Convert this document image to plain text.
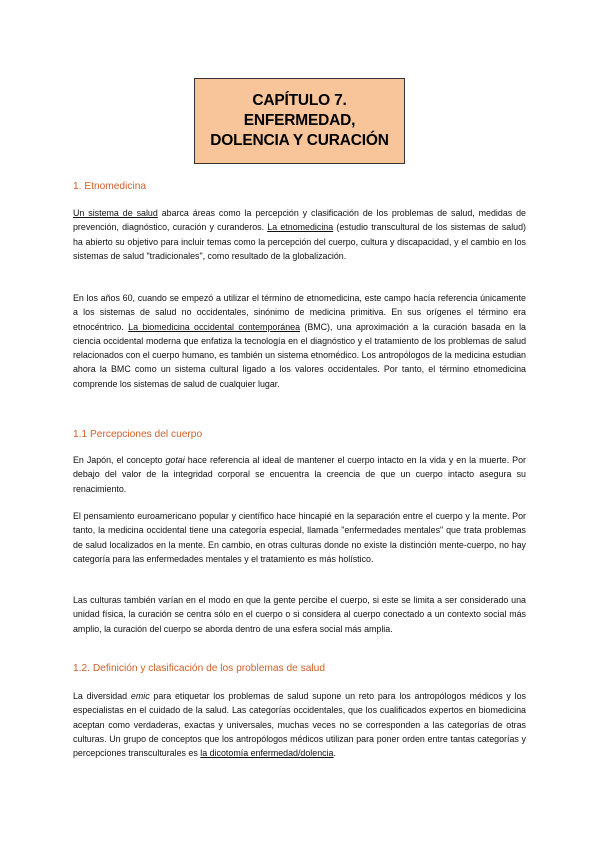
CAPÍTULO 7.
ENFERMEDAD,
DOLENCIA Y CURACIÓN
1. Etnomedicina

Un sistema de salud abarca áreas como la percepción y clasificación de los problemas de salud, medidas de prevención, diagnóstico, curación y curanderos. La etnomedicina (estudio transcultural de los sistemas de salud) ha abierto su objetivo para incluir temas como la percepción del cuerpo, cultura y discapacidad, y el cambio en los sistemas de salud "tradicionales", como resultado de la globalización.

En los años 60, cuando se empezó a utilizar el término de etnomedicina, este campo hacía referencia únicamente a los sistemas de salud no occidentales, sinónimo de medicina primitiva. En sus orígenes el término era etnocéntrico. La biomedicina occidental contemporánea (BMC), una aproximación a la curación basada en la ciencia occidental moderna que enfatiza la tecnología en el diagnóstico y el tratamiento de los problemas de salud relacionados con el cuerpo humano, es también un sistema etnomédico. Los antropólogos de la medicina estudian ahora la BMC como un sistema cultural ligado a los valores occidentales. Por tanto, el término etnomedicina comprende los sistemas de salud de cualquier lugar.

1.1 Percepciones del cuerpo

En Japón, el concepto gotai hace referencia al ideal de mantener el cuerpo intacto en la vida y en la muerte. Por debajo del valor de la integridad corporal se encuentra la creencia de que un cuerpo intacto asegura su renacimiento.

El pensamiento euroamericano popular y científico hace hincapié en la separación entre el cuerpo y la mente. Por tanto, la medicina occidental tiene una categoría especial, llamada "enfermedades mentales" que trata problemas de salud localizados en la mente. En cambio, en otras culturas donde no existe la distinción mente-cuerpo, no hay categoría para las enfermedades mentales y el tratamiento es más holístico.

Las culturas también varían en el modo en que la gente percibe el cuerpo, si este se limita a ser considerado una unidad física, la curación se centra sólo en el cuerpo o si considera al cuerpo conectado a un contexto social más amplio, la curación del cuerpo se aborda dentro de una esfera social más amplia.

1.2. Definición y clasificación de los problemas de salud

La diversidad emic para etiquetar los problemas de salud supone un reto para los antropólogos médicos y los especialistas en el cuidado de la salud. Las categorías occidentales, que los cualificados expertos en biomedicina aceptan como verdaderas, exactas y universales, muchas veces no se corresponden a las categorías de otras culturas. Un grupo de conceptos que los antropólogos médicos utilizan para poner orden entre tantas categorías y percepciones transculturales es la dicotomía enfermedad/dolencia.
